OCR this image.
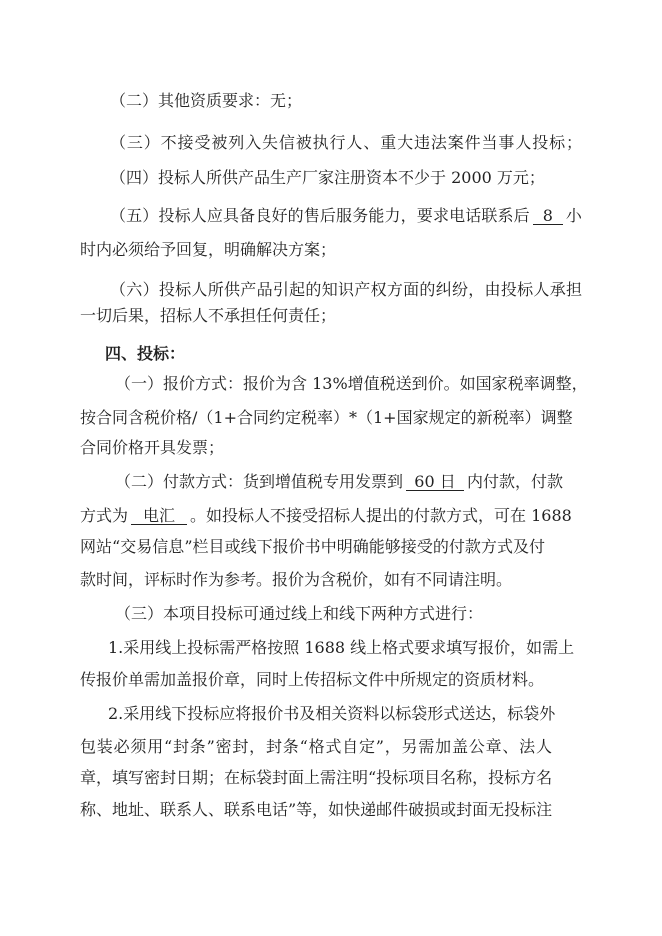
（二）其他资质要求：无；
（三）不接受被列入失信被执行人、重大违法案件当事人投标；
（四）投标人所供产品生产厂家注册资本不少于 2000 万元；
（五）投标人应具备良好的售后服务能力，要求电话联系后 8 小
时内必须给予回复，明确解决方案；
（六）投标人所供产品引起的知识产权方面的纠纷，由投标人承担
一切后果，招标人不承担任何责任；
四、投标：
（一）报价方式：报价为含 13%增值税送到价。如国家税率调整，
按合同含税价格/（1+合同约定税率）*（1+国家规定的新税率）调整
合同价格开具发票；
（二）付款方式：货到增值税专用发票到 60 日 内付款，付款
方式为 电汇 。如投标人不接受招标人提出的付款方式，可在 1688
网站“交易信息”栏目或线下报价书中明确能够接受的付款方式及付
款时间，评标时作为参考。报价为含税价，如有不同请注明。
（三）本项目投标可通过线上和线下两种方式进行：
1.采用线上投标需严格按照 1688 线上格式要求填写报价，如需上
传报价单需加盖报价章，同时上传招标文件中所规定的资质材料。
2.采用线下投标应将报价书及相关资料以标袋形式送达，标袋外
包装必须用“封条”密封，封条“格式自定”，另需加盖公章、法人
章，填写密封日期；在标袋封面上需注明“投标项目名称，投标方名
称、地址、联系人、联系电话”等，如快递邮件破损或封面无投标注
